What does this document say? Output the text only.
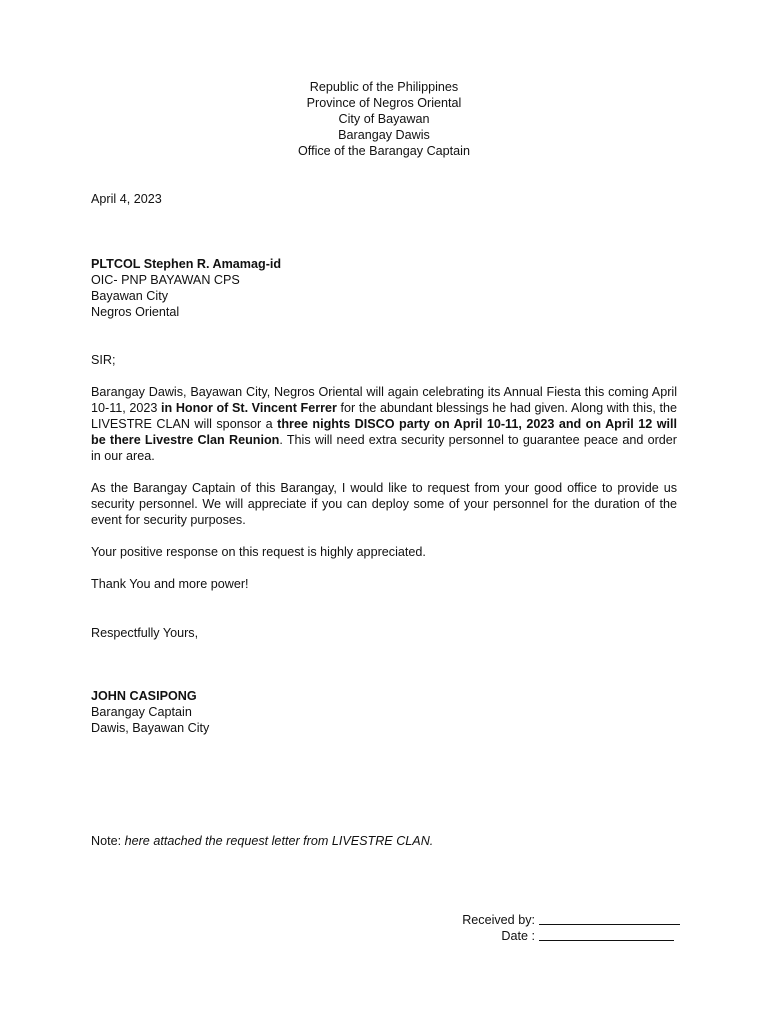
Republic of the Philippines
Province of Negros Oriental
City of Bayawan
Barangay Dawis
Office of the Barangay Captain
April 4, 2023
PLTCOL Stephen R. Amamag-id
OIC- PNP BAYAWAN CPS
Bayawan City
Negros Oriental
SIR;
Barangay Dawis, Bayawan City, Negros Oriental will again celebrating its Annual Fiesta this coming April 10-11, 2023 in Honor of St. Vincent Ferrer for the abundant blessings he had given. Along with this, the LIVESTRE CLAN will sponsor a three nights DISCO party on April 10-11, 2023 and on April 12 will be there Livestre Clan Reunion. This will need extra security personnel to guarantee peace and order in our area.
As the Barangay Captain of this Barangay, I would like to request from your good office to provide us security personnel. We will appreciate if you can deploy some of your personnel for the duration of the event for security purposes.
Your positive response on this request is highly appreciated.
Thank You and more power!
Respectfully Yours,
JOHN CASIPONG
Barangay Captain
Dawis, Bayawan City
Note: here attached the request letter from LIVESTRE CLAN.
Received by:
Date :
